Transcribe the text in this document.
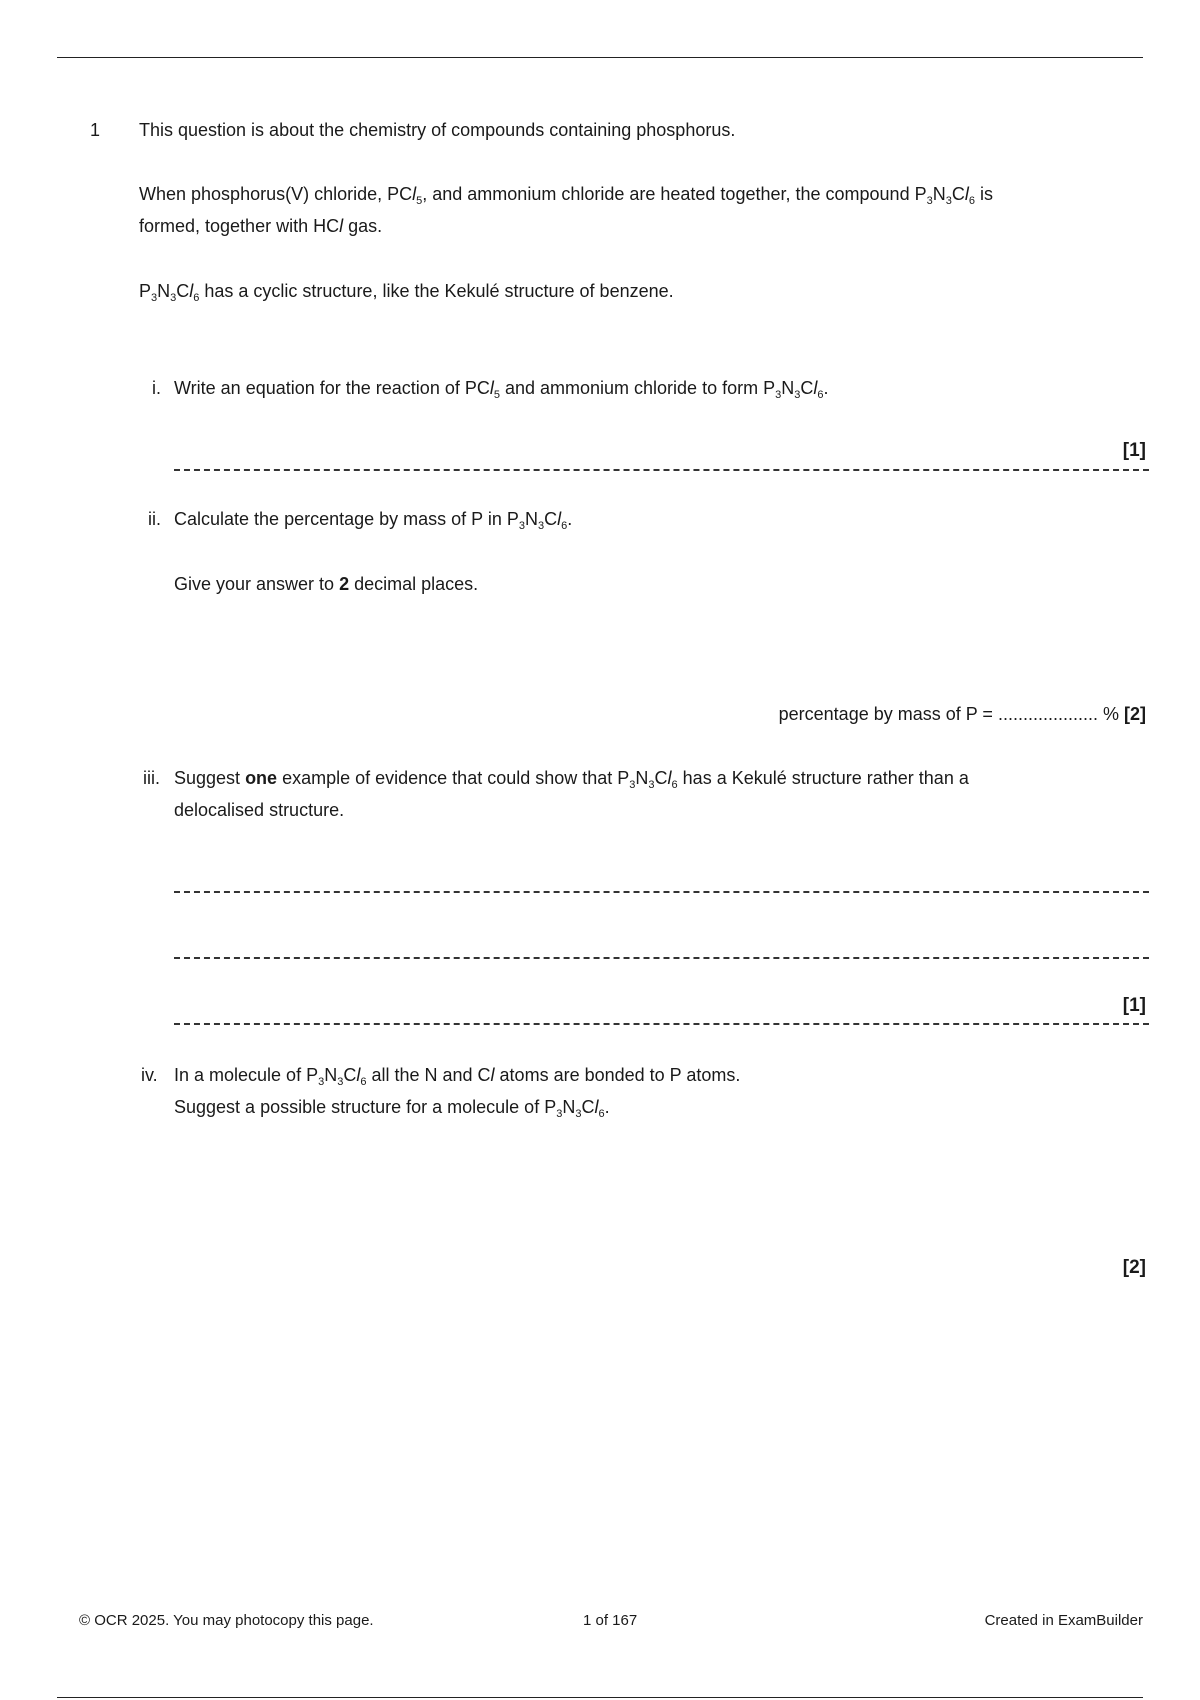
1 This question is about the chemistry of compounds containing phosphorus.
When phosphorus(V) chloride, PCl$_5$, and ammonium chloride are heated together, the compound $P_3N_3Cl_6$ is
formed, together with HCl gas.
$P_3N_3Cl_6$ has a cyclic structure, like the Kekulé structure of benzene.
i. Write an equation for the reaction of PCl$_5$ and ammonium chloride to form $P_3N_3Cl_6$.
[1]
ii. Calculate the percentage by mass of P in $P_3N_3Cl_6$.
Give your answer to 2 decimal places.
percentage by mass of P = .................... % [2]
iii. Suggest one example of evidence that could show that $P_3N_3Cl_6$ has a Kekulé structure rather than a
delocalised structure.
[1]
iv. In a molecule of $P_3N_3Cl_6$ all the N and Cl atoms are bonded to P atoms.
Suggest a possible structure for a molecule of $P_3N_3Cl_6$.
[2]
© OCR 2025. You may photocopy this page.	1 of 167	Created in ExamBuilder
